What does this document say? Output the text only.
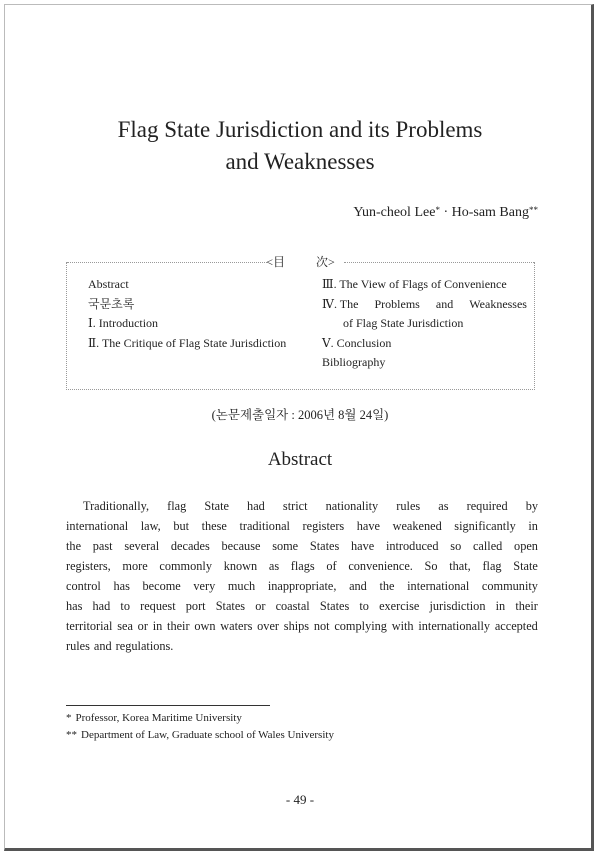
Flag State Jurisdiction and its Problems
and Weaknesses
Yun-cheol Lee* · Ho-sam Bang**
<目 次>
Abstract
국문초록
Ⅰ. Introduction
Ⅱ. The Critique of Flag State Jurisdiction
Ⅲ. The View of Flags of Convenience
Ⅳ. The Problems and Weaknesses
of Flag State Jurisdiction
Ⅴ. Conclusion
Bibliography
(논문제출일자 : 2006년 8월 24일)
Abstract
Traditionally, flag State had strict nationality rules as required by
international law, but these traditional registers have weakened significantly in
the past several decades because some States have introduced so called open
registers, more commonly known as flags of convenience. So that, flag State
control has become very much inappropriate, and the international community
has had to request port States or coastal States to exercise jurisdiction in their
territorial sea or in their own waters over ships not complying with internationally accepted
rules and regulations.
* Professor, Korea Maritime University
** Department of Law, Graduate school of Wales University
- 49 -
